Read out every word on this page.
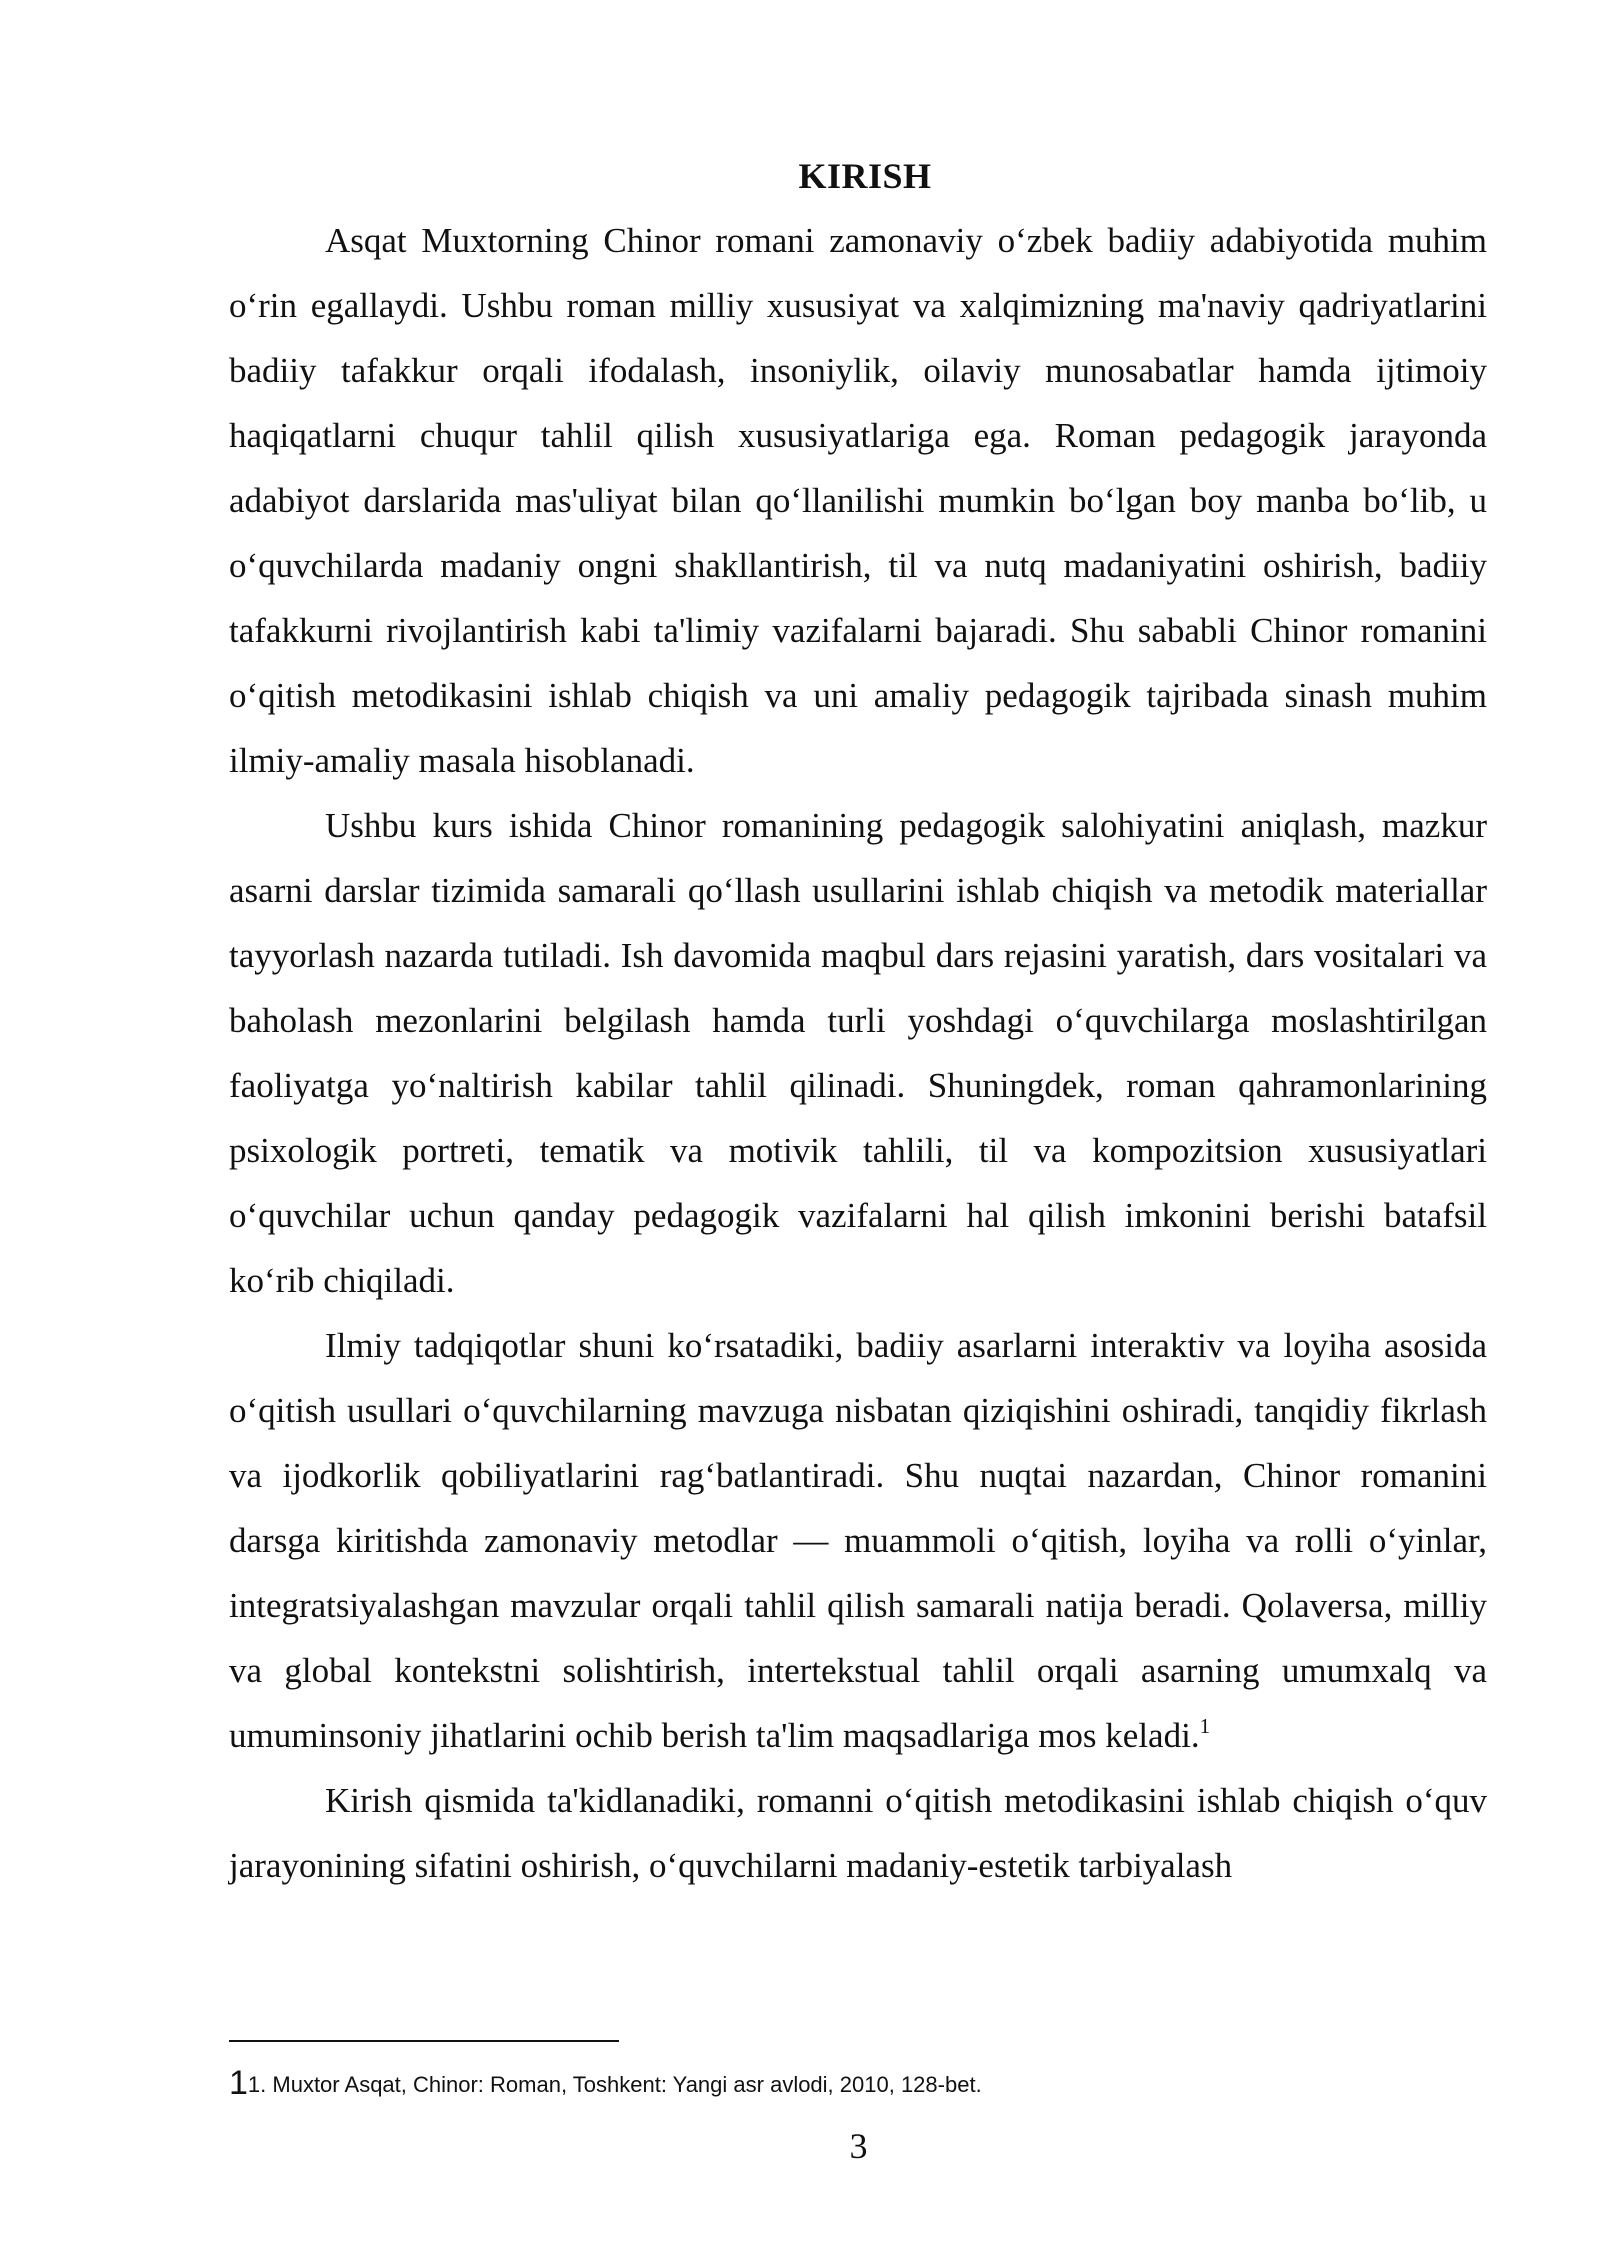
KIRISH

Asqat Muxtorning Chinor romani zamonaviy o‘zbek badiiy adabiyotida muhim o‘rin egallaydi. Ushbu roman milliy xususiyat va xalqimizning ma'naviy qadriyatlarini badiiy tafakkur orqali ifodalash, insoniylik, oilaviy munosabatlar hamda ijtimoiy haqiqatlarni chuqur tahlil qilish xususiyatlariga ega. Roman pedagogik jarayonda adabiyot darslarida mas'uliyat bilan qo‘llanilishi mumkin bo‘lgan boy manba bo‘lib, u o‘quvchilarda madaniy ongni shakllantirish, til va nutq madaniyatini oshirish, badiiy tafakkurni rivojlantirish kabi ta'limiy vazifalarni bajaradi. Shu sababli Chinor romanini o‘qitish metodikasini ishlab chiqish va uni amaliy pedagogik tajribada sinash muhim ilmiy-amaliy masala hisoblanadi.

Ushbu kurs ishida Chinor romanining pedagogik salohiyatini aniqlash, mazkur asarni darslar tizimida samarali qo‘llash usullarini ishlab chiqish va metodik materiallar tayyorlash nazarda tutiladi. Ish davomida maqbul dars rejasini yaratish, dars vositalari va baholash mezonlarini belgilash hamda turli yoshdagi o‘quvchilarga moslashtirilgan faoliyatga yo‘naltirish kabilar tahlil qilinadi. Shuningdek, roman qahramonlarining psixologik portreti, tematik va motivik tahlili, til va kompozitsion xususiyatlari o‘quvchilar uchun qanday pedagogik vazifalarni hal qilish imkonini berishi batafsil ko‘rib chiqiladi.

Ilmiy tadqiqotlar shuni ko‘rsatadiki, badiiy asarlarni interaktiv va loyiha asosida o‘qitish usullari o‘quvchilarning mavzuga nisbatan qiziqishini oshiradi, tanqidiy fikrlash va ijodkorlik qobiliyatlarini rag‘batlantiradi. Shu nuqtai nazardan, Chinor romanini darsga kiritishda zamonaviy metodlar — muammoli o‘qitish, loyiha va rolli o‘yinlar, integratsiyalashgan mavzular orqali tahlil qilish samarali natija beradi. Qolaversa, milliy va global kontekstni solishtirish, intertekstual tahlil orqali asarning umumxalq va umuminsoniy jihatlarini ochib berish ta'lim maqsadlariga mos keladi.$^1$

Kirish qismida ta'kidlanadiki, romanni o‘qitish metodikasini ishlab chiqish o‘quv jarayonining sifatini oshirish, o‘quvchilarni madaniy-estetik tarbiyalash

11. Muxtor Asqat, Chinor: Roman, Toshkent: Yangi asr avlodi, 2010, 128-bet.
3
